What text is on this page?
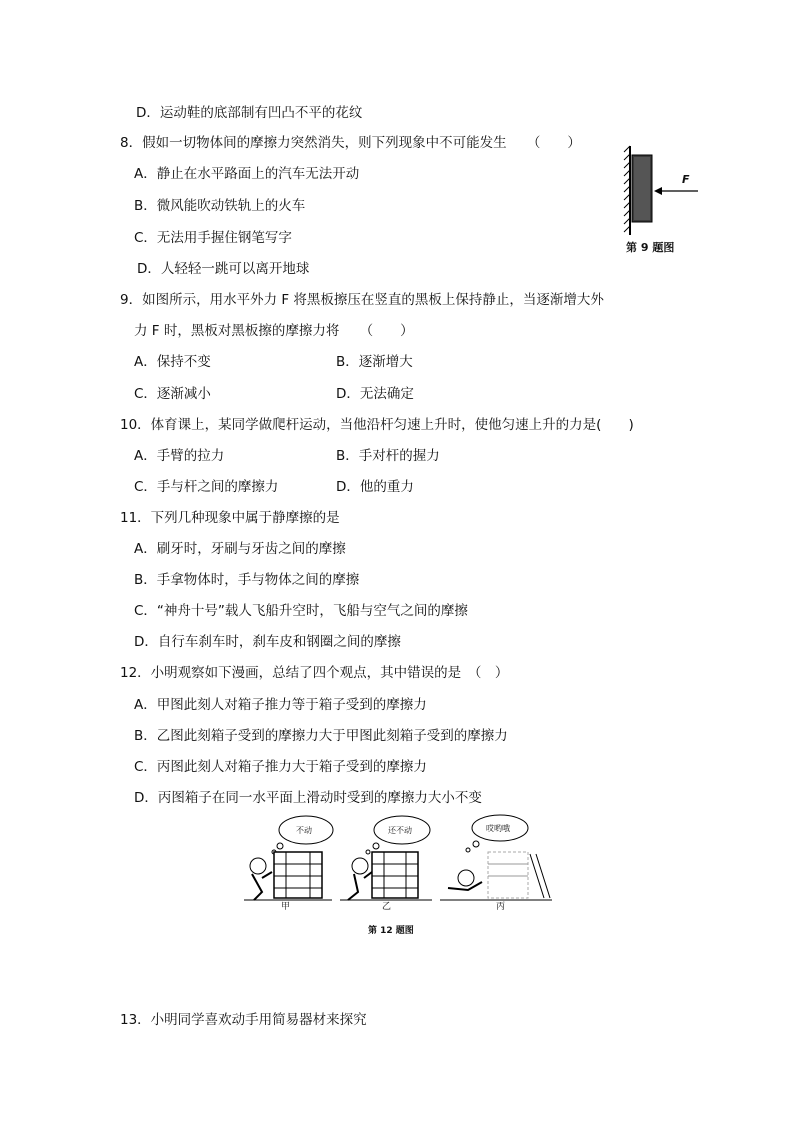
D．运动鞋的底部制有凹凸不平的花纹
8．假如一切物体间的摩擦力突然消失，则下列现象中不可能发生　　（　　）
A．静止在水平路面上的汽车无法开动
B．微风能吹动铁轨上的火车
C．无法用手握住钢笔写字
D．人轻轻一跳可以离开地球
9．如图所示，用水平外力 F 将黑板擦压在竖直的黑板上保持静止，当逐渐增大外
力 F 时，黑板对黑板擦的摩擦力将　　（　　）
A．保持不变	B．逐渐增大
C．逐渐减小	D．无法确定
10．体育课上，某同学做爬杆运动，当他沿杆匀速上升时，使他匀速上升的力是(　　)
A．手臂的拉力	B．手对杆的握力
C．手与杆之间的摩擦力	D．他的重力
11．下列几种现象中属于静摩擦的是
A．刷牙时，牙刷与牙齿之间的摩擦
B．手拿物体时，手与物体之间的摩擦
C．“神舟十号”载人飞船升空时，飞船与空气之间的摩擦
D．自行车刹车时，刹车皮和钢圈之间的摩擦
12．小明观察如下漫画，总结了四个观点，其中错误的是　（　）
A．甲图此刻人对箱子推力等于箱子受到的摩擦力
B．乙图此刻箱子受到的摩擦力大于甲图此刻箱子受到的摩擦力
C．丙图此刻人对箱子推力大于箱子受到的摩擦力
D．丙图箱子在同一水平面上滑动时受到的摩擦力大小不变
13．小明同学喜欢动手用简易器材来探究
F
第 9 题图
不动	还不动	哎哟哦
甲	乙	丙
第 12 题图
